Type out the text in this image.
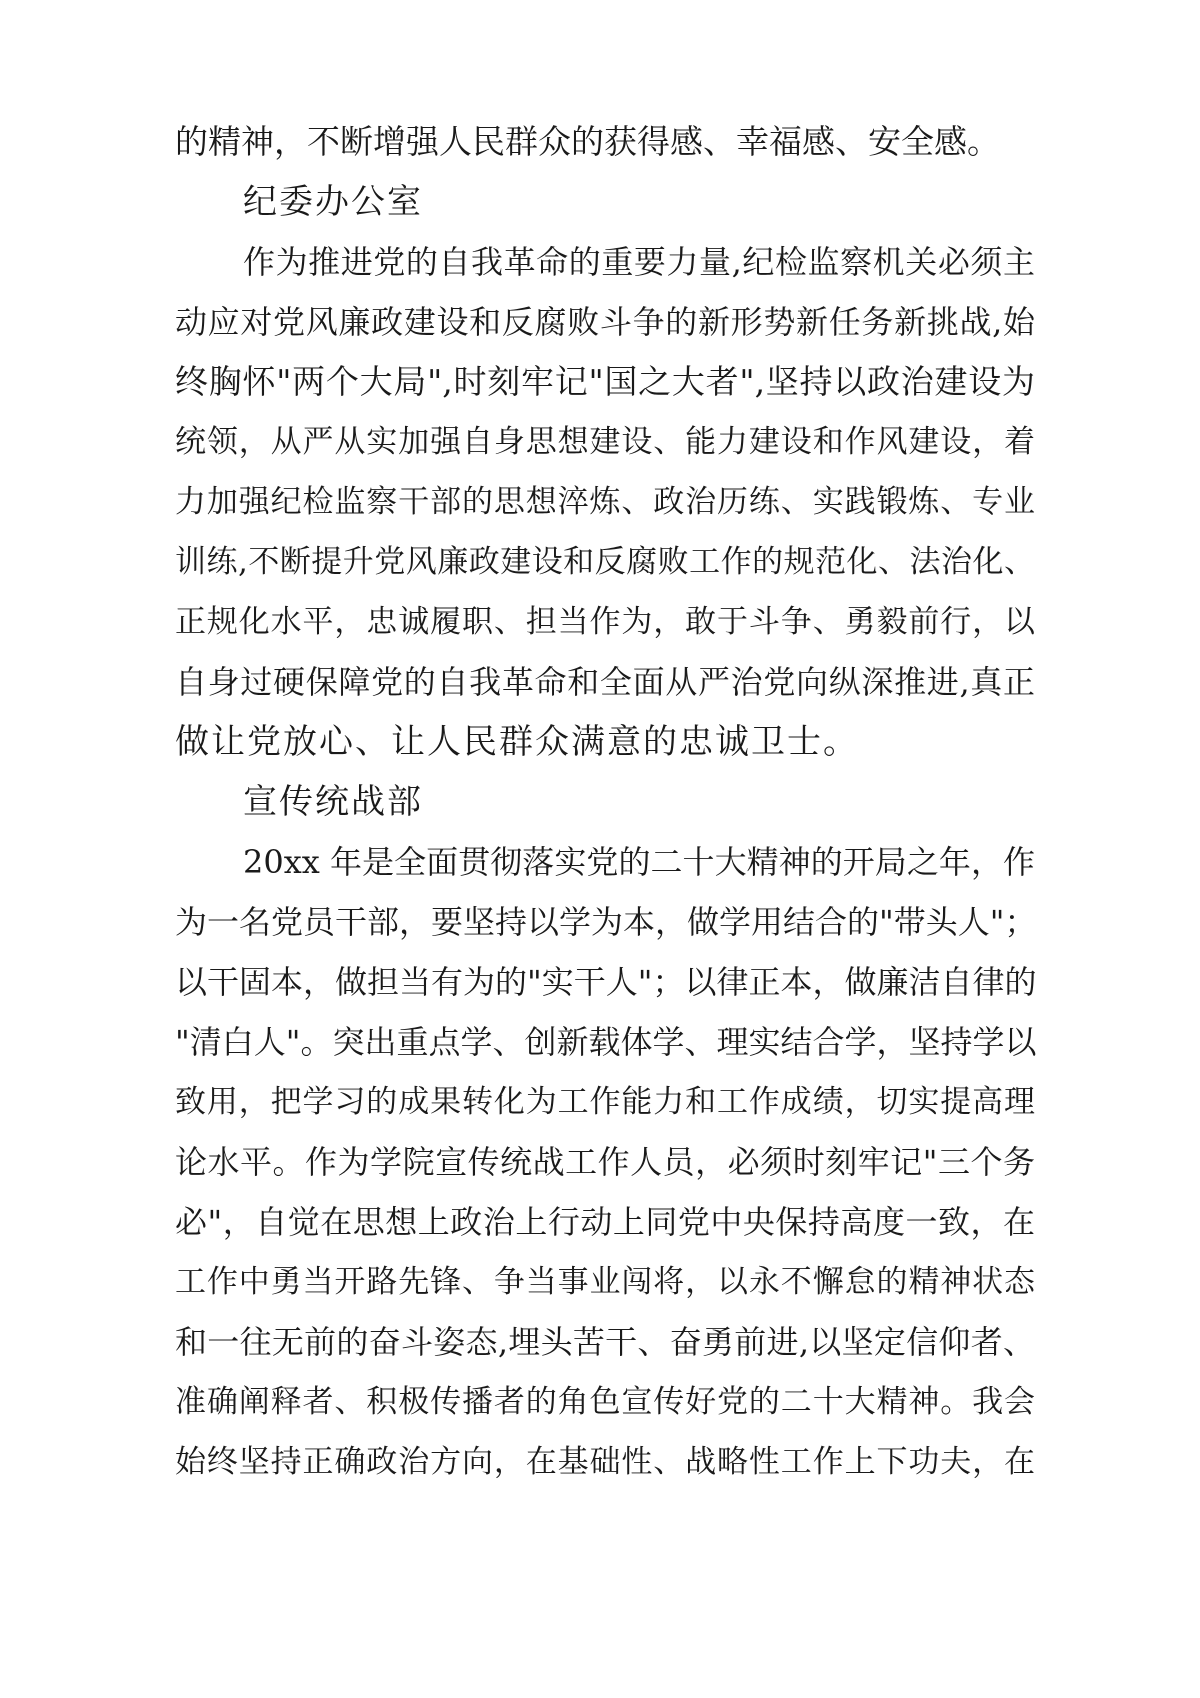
的精神，不断增强人民群众的获得感、幸福感、安全感。
纪委办公室
作为推进党的自我革命的重要力量,纪检监察机关必须主
动应对党风廉政建设和反腐败斗争的新形势新任务新挑战,始
终胸怀"两个大局",时刻牢记"国之大者",坚持以政治建设为
统领，从严从实加强自身思想建设、能力建设和作风建设，着
力加强纪检监察干部的思想淬炼、政治历练、实践锻炼、专业
训练,不断提升党风廉政建设和反腐败工作的规范化、法治化、
正规化水平，忠诚履职、担当作为，敢于斗争、勇毅前行，以
自身过硬保障党的自我革命和全面从严治党向纵深推进,真正
做让党放心、让人民群众满意的忠诚卫士。
宣传统战部
20xx 年是全面贯彻落实党的二十大精神的开局之年，作
为一名党员干部，要坚持以学为本，做学用结合的"带头人"；
以干固本，做担当有为的"实干人"；以律正本，做廉洁自律的
"清白人"。突出重点学、创新载体学、理实结合学，坚持学以
致用，把学习的成果转化为工作能力和工作成绩，切实提高理
论水平。作为学院宣传统战工作人员，必须时刻牢记"三个务
必"，自觉在思想上政治上行动上同党中央保持高度一致，在
工作中勇当开路先锋、争当事业闯将，以永不懈怠的精神状态
和一往无前的奋斗姿态,埋头苦干、奋勇前进,以坚定信仰者、
准确阐释者、积极传播者的角色宣传好党的二十大精神。我会
始终坚持正确政治方向，在基础性、战略性工作上下功夫，在
